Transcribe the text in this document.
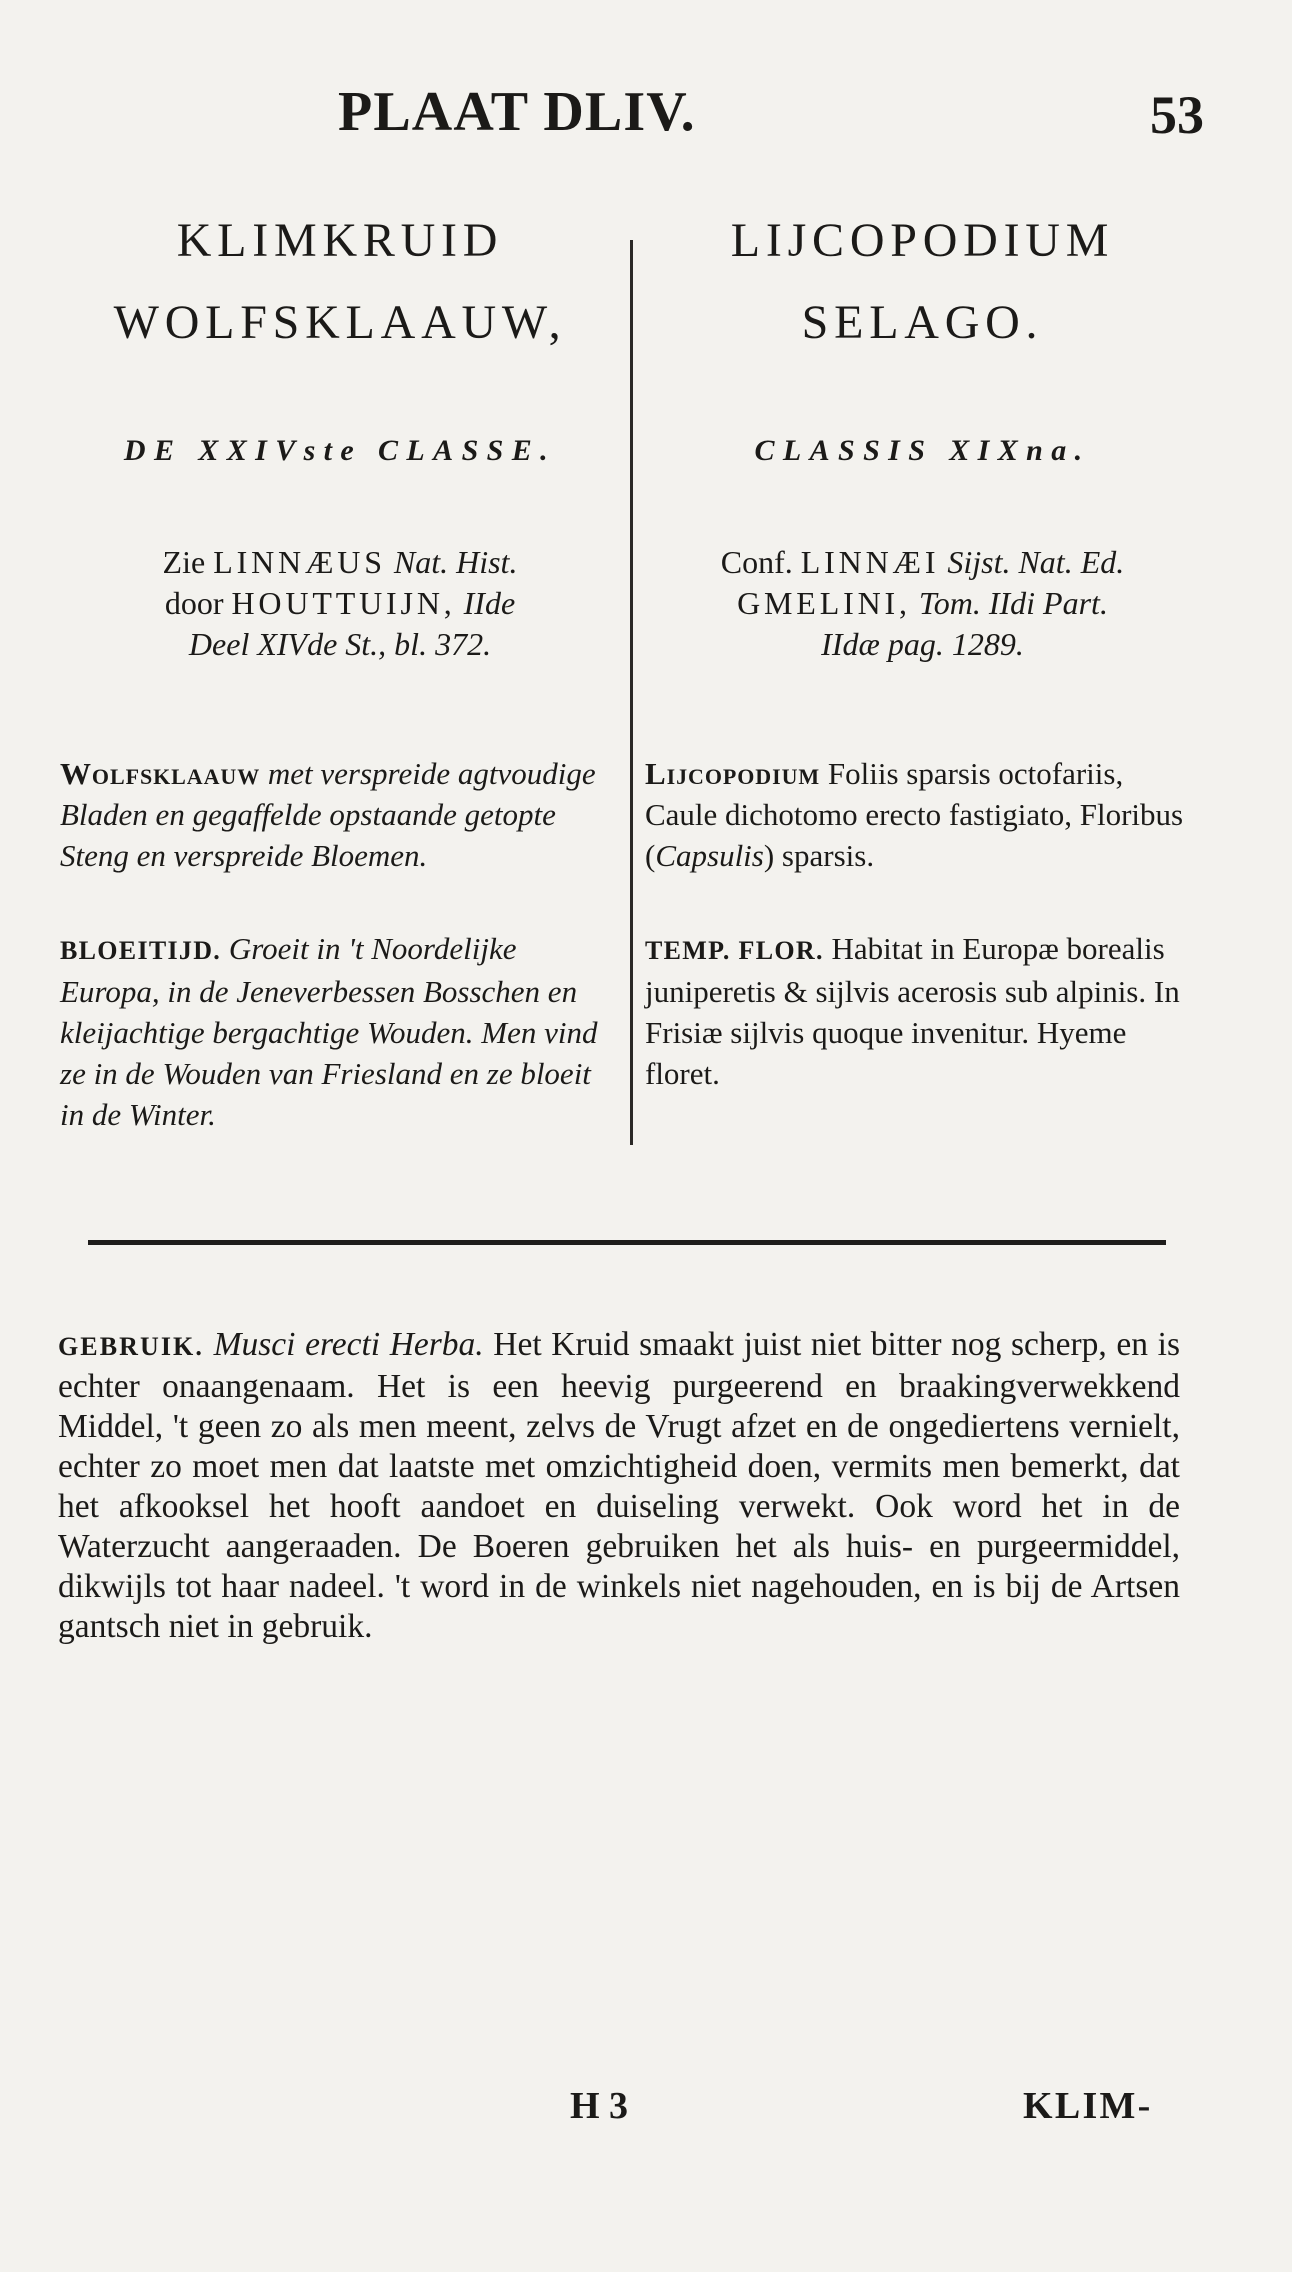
PLAAT DLIV.	53
KLIMKRUID
WOLFSKLAAUW,
DE XXIVste CLASSE.
Zie LINNÆUS Nat. Hist.
door HOUTTUIJN, IIde
Deel XIVde St., bl. 372.
Wolfsklaauw met verspreide agtvoudige Bladen en gegaffelde opstaande getopte Steng en verspreide Bloemen.
BLOEITIJD. Groeit in 't Noordelijke Europa, in de Jeneverbessen Bosschen en kleijachtige bergachtige Wouden. Men vind ze in de Wouden van Friesland en ze bloeit in de Winter.
LIJCOPODIUM
SELAGO.
CLASSIS XIXna.
Conf. LINNÆI Sijst. Nat. Ed.
GMELINI, Tom. IIdi Part.
IIdæ pag. 1289.
Lijcopodium Foliis sparsis octofariis, Caule dichotomo erecto fastigiato, Floribus (Capsulis) sparsis.
TEMP. FLOR. Habitat in Europæ borealis juniperetis & sijlvis acerosis sub alpinis. In Frisiæ sijlvis quoque invenitur. Hyeme floret.
GEBRUIK. Musci erecti Herba. Het Kruid smaakt juist niet bitter nog scherp, en is echter onaangenaam. Het is een heevig purgeerend en braakingverwekkend Middel, 't geen zo als men meent, zelvs de Vrugt afzet en de ongediertens vernielt, echter zo moet men dat laatste met omzichtigheid doen, vermits men bemerkt, dat het afkooksel het hooft aandoet en duiseling verwekt. Ook word het in de Waterzucht aangeraaden. De Boeren gebruiken het als huis- en purgeermiddel, dikwijls tot haar nadeel. 't word in de winkels niet nagehouden, en is bij de Artsen gantsch niet in gebruik.
H 3	KLIM-
